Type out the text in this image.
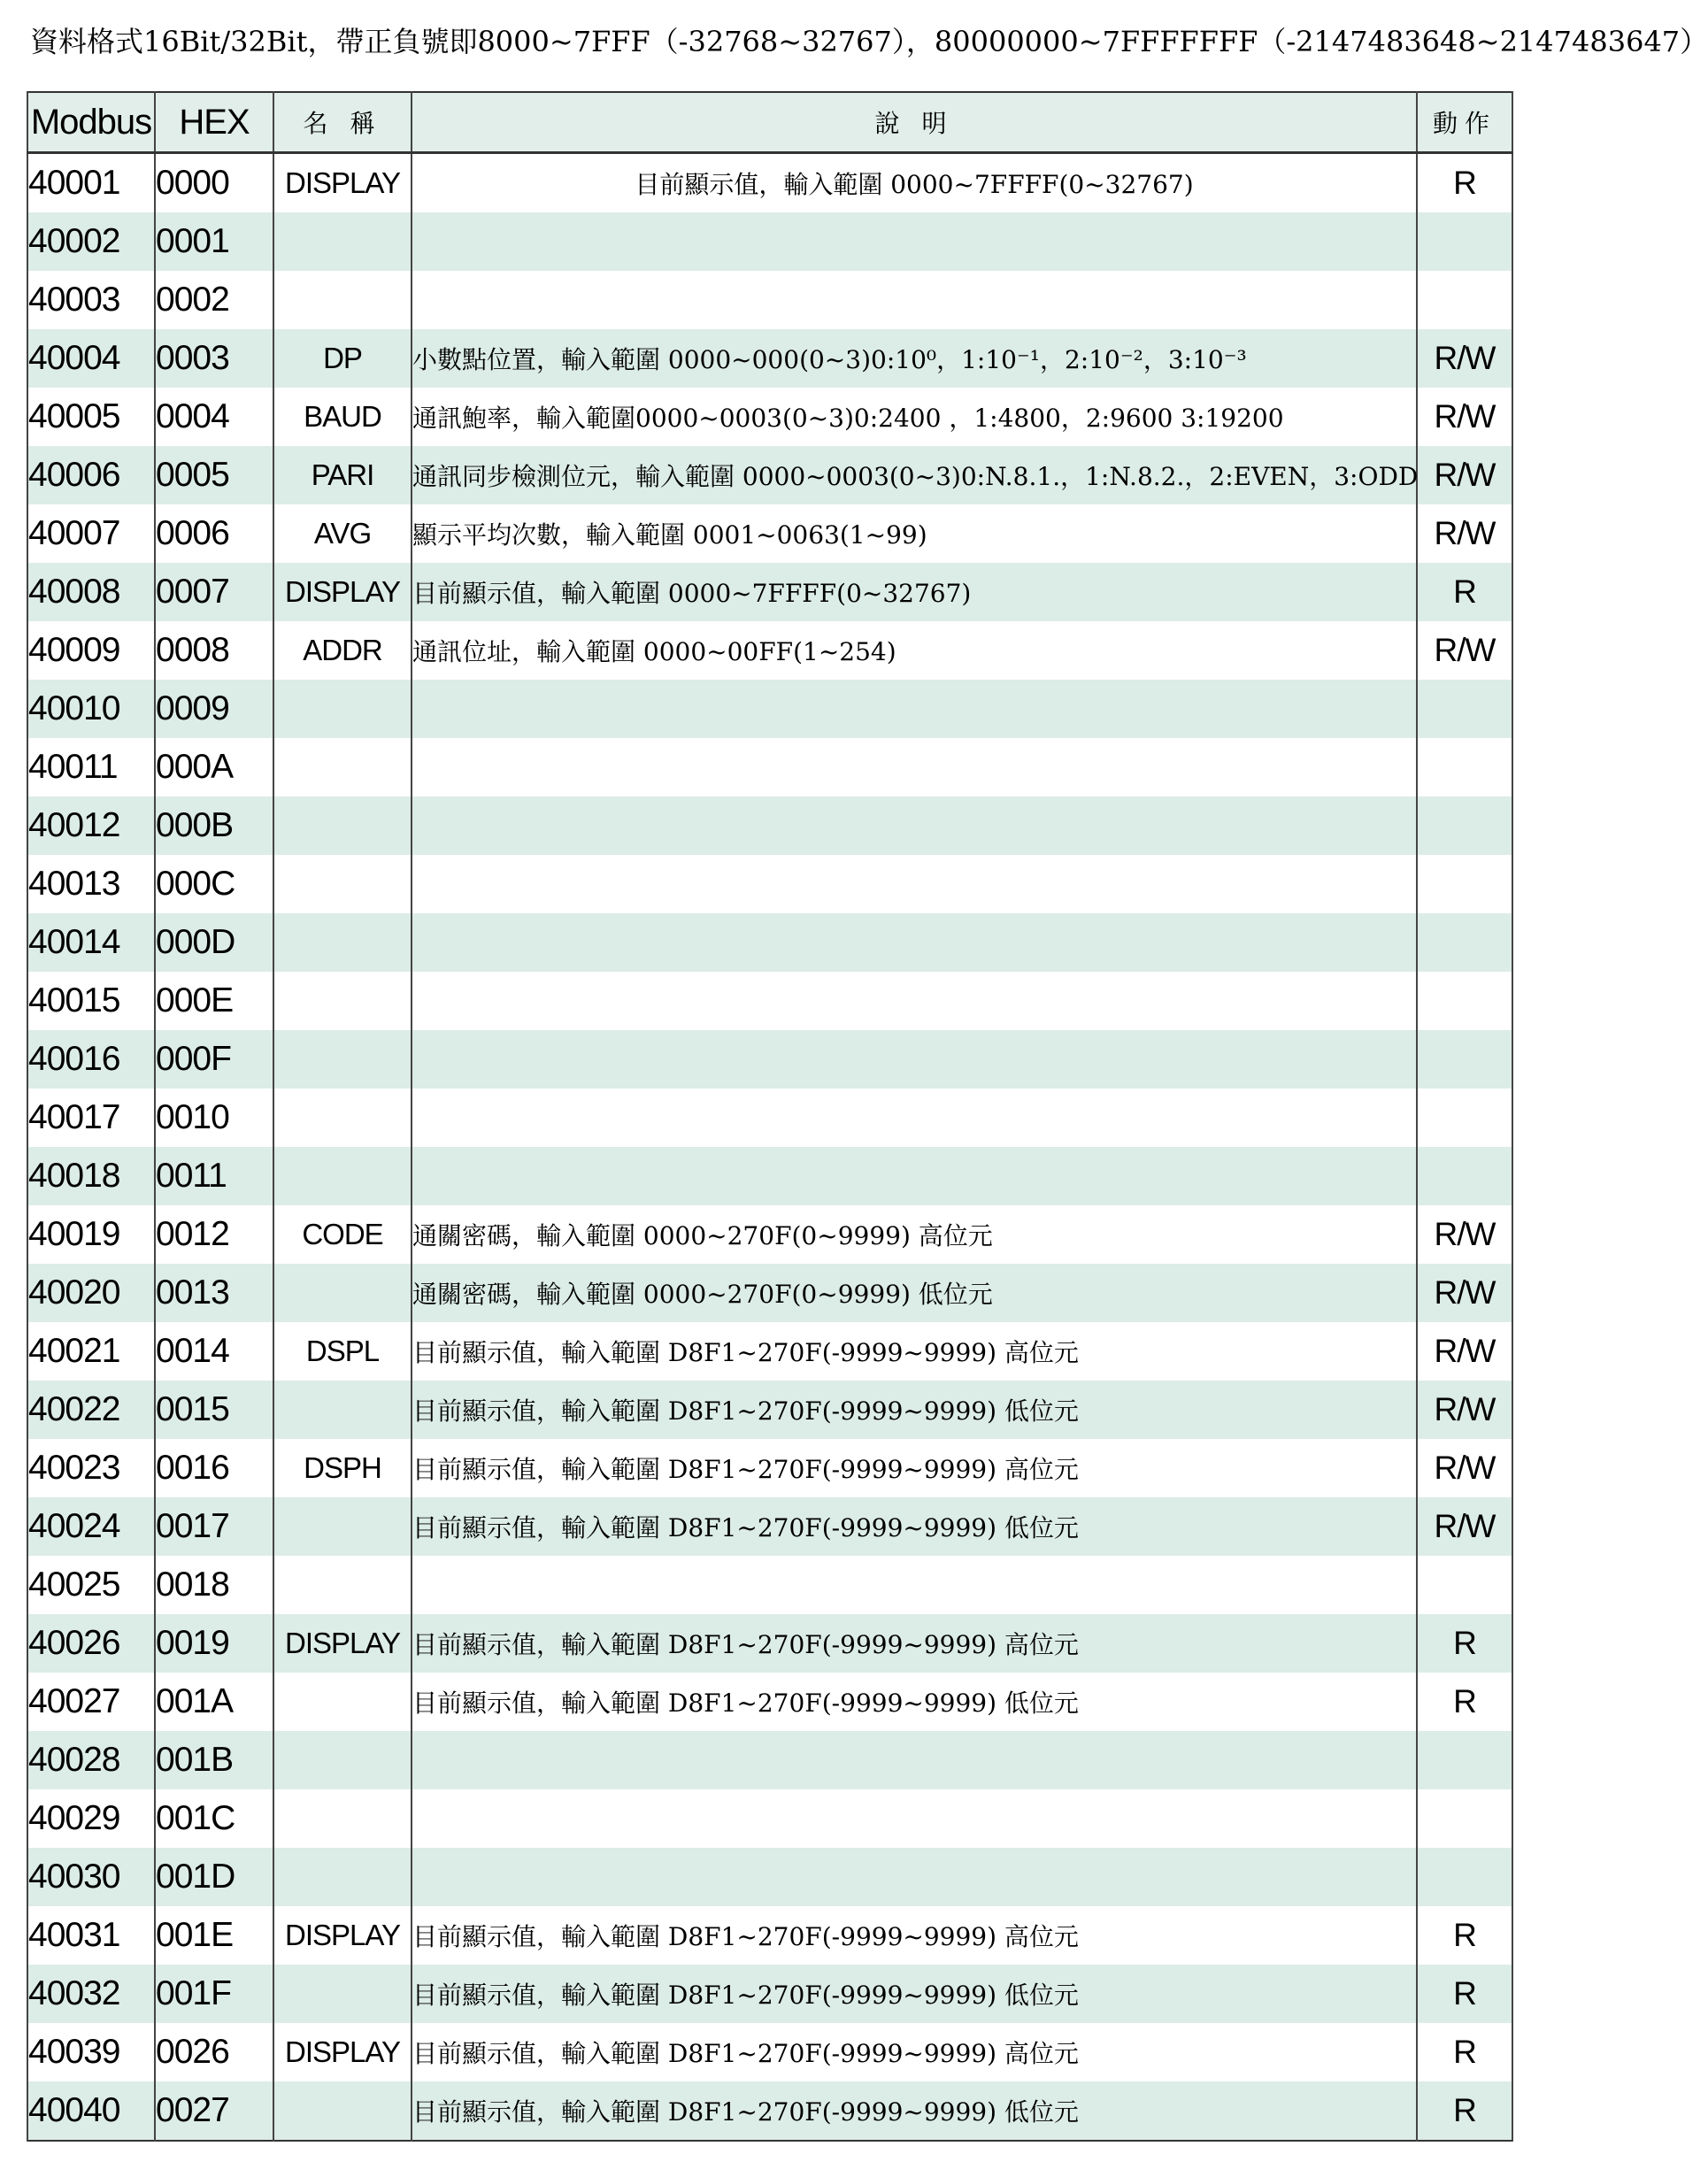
資料格式16Bit/32Bit，帶正負號即8000~7FFF（-32768~32767），80000000~7FFFFFFF（-2147483648~2147483647）
Modbus	HEX	名 稱	說 明	動作
40001	0000	DISPLAY	目前顯示值，輸入範圍 0000~7FFFF(0~32767)	R
40002	0001			
40003	0002			
40004	0003	DP	小數點位置，輸入範圍 0000~000(0~3)0:10⁰，1:10⁻¹，2:10⁻²，3:10⁻³	R/W
40005	0004	BAUD	通訊鮑率，輸入範圍0000~0003(0~3)0:2400 ，1:4800，2:9600 3:19200	R/W
40006	0005	PARI	通訊同步檢測位元，輸入範圍 0000~0003(0~3)0:N.8.1.，1:N.8.2.，2:EVEN，3:ODD	R/W
40007	0006	AVG	顯示平均次數，輸入範圍 0001~0063(1~99)	R/W
40008	0007	DISPLAY	目前顯示值，輸入範圍 0000~7FFFF(0~32767)	R
40009	0008	ADDR	通訊位址，輸入範圍 0000~00FF(1~254)	R/W
40010	0009			
40011	000A			
40012	000B			
40013	000C			
40014	000D			
40015	000E			
40016	000F			
40017	0010			
40018	0011			
40019	0012	CODE	通關密碼，輸入範圍 0000~270F(0~9999) 高位元	R/W
40020	0013		通關密碼，輸入範圍 0000~270F(0~9999) 低位元	R/W
40021	0014	DSPL	目前顯示值，輸入範圍 D8F1~270F(-9999~9999) 高位元	R/W
40022	0015		目前顯示值，輸入範圍 D8F1~270F(-9999~9999) 低位元	R/W
40023	0016	DSPH	目前顯示值，輸入範圍 D8F1~270F(-9999~9999) 高位元	R/W
40024	0017		目前顯示值，輸入範圍 D8F1~270F(-9999~9999) 低位元	R/W
40025	0018			
40026	0019	DISPLAY	目前顯示值，輸入範圍 D8F1~270F(-9999~9999) 高位元	R
40027	001A		目前顯示值，輸入範圍 D8F1~270F(-9999~9999) 低位元	R
40028	001B			
40029	001C			
40030	001D			
40031	001E	DISPLAY	目前顯示值，輸入範圍 D8F1~270F(-9999~9999) 高位元	R
40032	001F		目前顯示值，輸入範圍 D8F1~270F(-9999~9999) 低位元	R
40039	0026	DISPLAY	目前顯示值，輸入範圍 D8F1~270F(-9999~9999) 高位元	R
40040	0027		目前顯示值，輸入範圍 D8F1~270F(-9999~9999) 低位元	R
